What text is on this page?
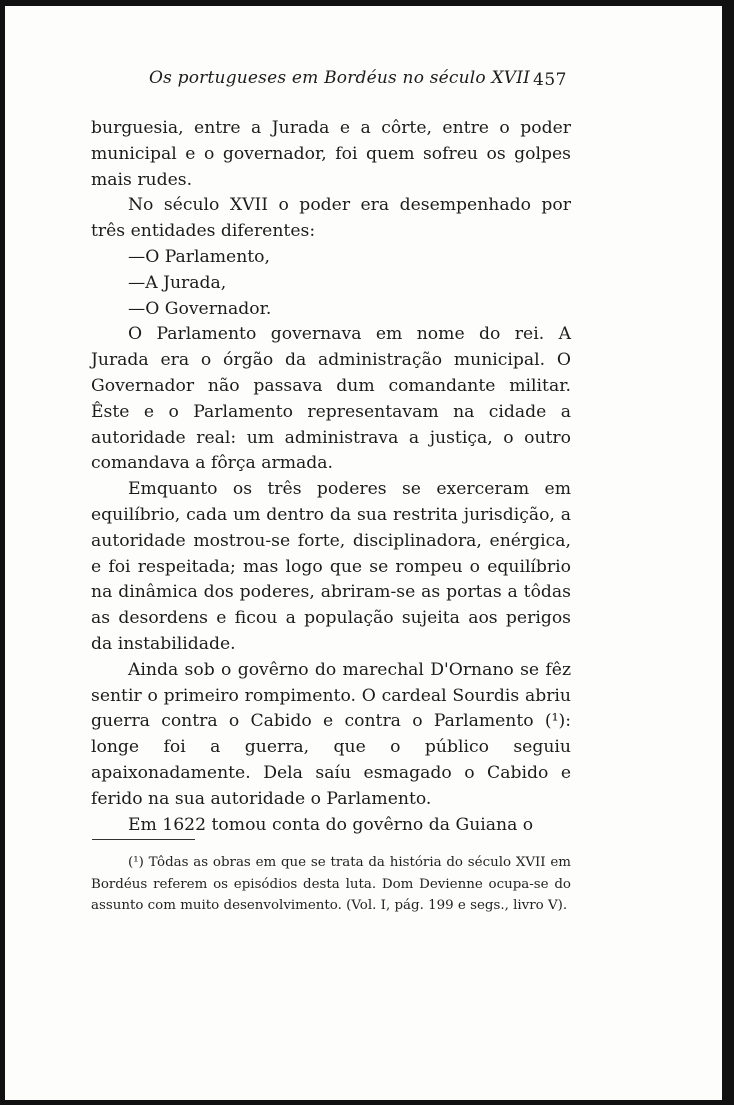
Os portugueses em Bordéus no século XVII 457

burguesia, entre a Jurada e a côrte, entre o poder municipal e o governador, foi quem sofreu os golpes mais rudes.

No século XVII o poder era desempenhado por três entidades diferentes:

—O Parlamento,

—A Jurada,

—O Governador.

O Parlamento governava em nome do rei. A Jurada era o órgão da administração municipal. O Governador não passava dum comandante militar. Êste e o Parlamento representavam na cidade a autoridade real: um administrava a justiça, o outro comandava a fôrça armada.

Emquanto os três poderes se exerceram em equilíbrio, cada um dentro da sua restrita jurisdição, a autoridade mostrou-se forte, disciplinadora, enérgica, e foi respeitada; mas logo que se rompeu o equilíbrio na dinâmica dos poderes, abriram-se as portas a tôdas as desordens e ficou a população sujeita aos perigos da instabilidade.

Ainda sob o govêrno do marechal D'Ornano se fêz sentir o primeiro rompimento. O cardeal Sourdis abriu guerra contra o Cabido e contra o Parlamento (¹): longe foi a guerra, que o público seguiu apaixonadamente. Dela saíu esmagado o Cabido e ferido na sua autoridade o Parlamento.

Em 1622 tomou conta do govêrno da Guiana o

(¹) Tôdas as obras em que se trata da história do século XVII em Bordéus referem os episódios desta luta. Dom Devienne ocupa-se do assunto com muito desenvolvimento. (Vol. I, pág. 199 e segs., livro V).
